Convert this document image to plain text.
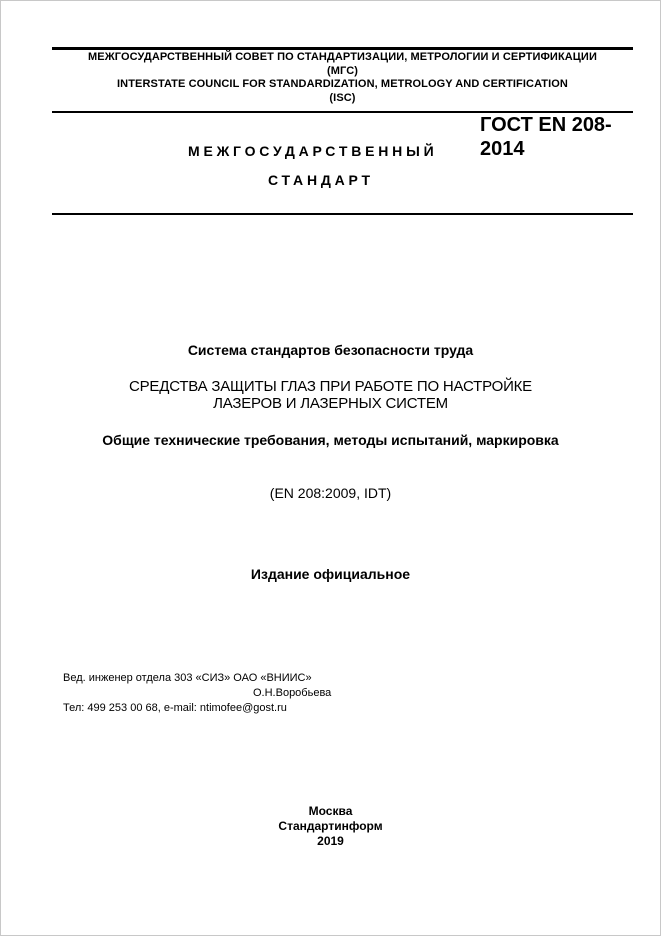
МЕЖГОСУДАРСТВЕННЫЙ СОВЕТ ПО СТАНДАРТИЗАЦИИ, МЕТРОЛОГИИ И СЕРТИФИКАЦИИ
(МГС)
INTERSTATE COUNCIL FOR STANDARDIZATION, METROLOGY AND CERTIFICATION
(ISC)
МЕЖГОСУДАРСТВЕННЫЙ
СТАНДАРТ
ГОСТ EN 208-
2014
Система стандартов безопасности труда
СРЕДСТВА ЗАЩИТЫ ГЛАЗ ПРИ РАБОТЕ ПО НАСТРОЙКЕ
ЛАЗЕРОВ И ЛАЗЕРНЫХ СИСТЕМ
Общие технические требования, методы испытаний, маркировка
(EN 208:2009, IDT)
Издание официальное
Вед. инженер отдела 303 «СИЗ» ОАО «ВНИИС»
О.Н.Воробьева
Тел: 499 253 00 68, e-mail: ntimofee@gost.ru
Москва
Стандартинформ
2019
